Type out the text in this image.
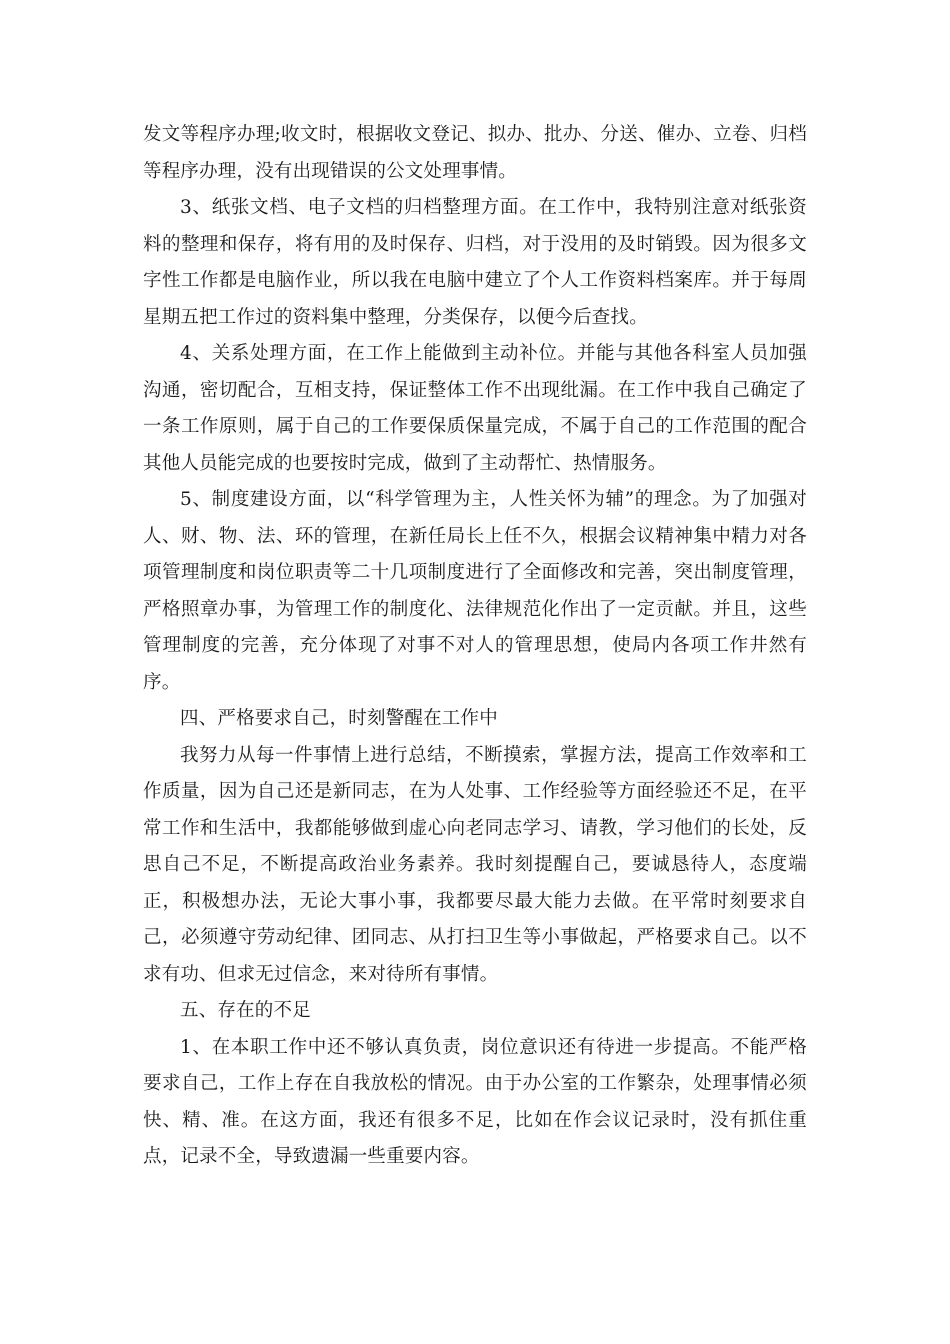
发文等程序办理;收文时，根据收文登记、拟办、批办、分送、催办、立卷、归档等程序办理，没有出现错误的公文处理事情。

3、纸张文档、电子文档的归档整理方面。在工作中，我特别注意对纸张资料的整理和保存，将有用的及时保存、归档，对于没用的及时销毁。因为很多文字性工作都是电脑作业，所以我在电脑中建立了个人工作资料档案库。并于每周星期五把工作过的资料集中整理，分类保存，以便今后查找。

4、关系处理方面，在工作上能做到主动补位。并能与其他各科室人员加强沟通，密切配合，互相支持，保证整体工作不出现纰漏。在工作中我自己确定了一条工作原则，属于自己的工作要保质保量完成，不属于自己的工作范围的配合其他人员能完成的也要按时完成，做到了主动帮忙、热情服务。

5、制度建设方面，以“科学管理为主，人性关怀为辅”的理念。为了加强对人、财、物、法、环的管理，在新任局长上任不久，根据会议精神集中精力对各项管理制度和岗位职责等二十几项制度进行了全面修改和完善，突出制度管理，严格照章办事，为管理工作的制度化、法律规范化作出了一定贡献。并且，这些管理制度的完善，充分体现了对事不对人的管理思想，使局内各项工作井然有序。

四、严格要求自己，时刻警醒在工作中

我努力从每一件事情上进行总结，不断摸索，掌握方法，提高工作效率和工作质量，因为自己还是新同志，在为人处事、工作经验等方面经验还不足，在平常工作和生活中，我都能够做到虚心向老同志学习、请教，学习他们的长处，反思自己不足，不断提高政治业务素养。我时刻提醒自己，要诚恳待人，态度端正，积极想办法，无论大事小事，我都要尽最大能力去做。在平常时刻要求自己，必须遵守劳动纪律、团同志、从打扫卫生等小事做起，严格要求自己。以不求有功、但求无过信念，来对待所有事情。

五、存在的不足

1、在本职工作中还不够认真负责，岗位意识还有待进一步提高。不能严格要求自己，工作上存在自我放松的情况。由于办公室的工作繁杂，处理事情必须快、精、准。在这方面，我还有很多不足，比如在作会议记录时，没有抓住重点，记录不全，导致遗漏一些重要内容。
